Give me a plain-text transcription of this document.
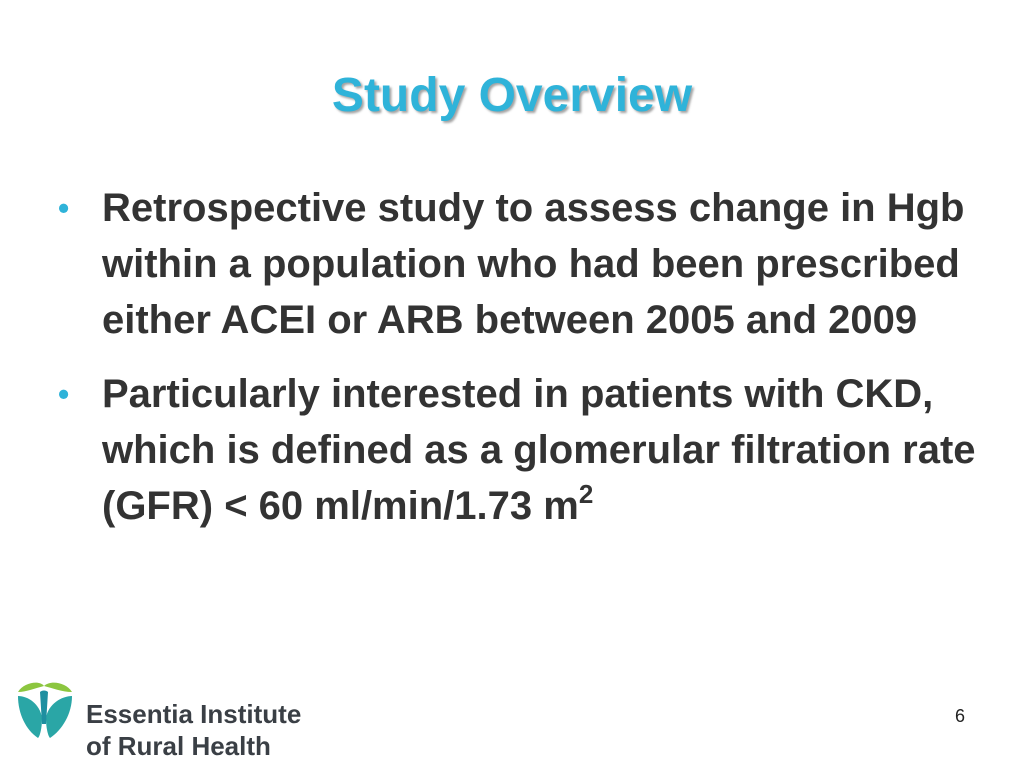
Study Overview
• Retrospective study to assess change in Hgb within a population who had been prescribed either ACEI or ARB between 2005 and 2009
• Particularly interested in patients with CKD, which is defined as a glomerular filtration rate (GFR) < 60 ml/min/1.73 $m^2$
Essentia Institute
of Rural Health
6
